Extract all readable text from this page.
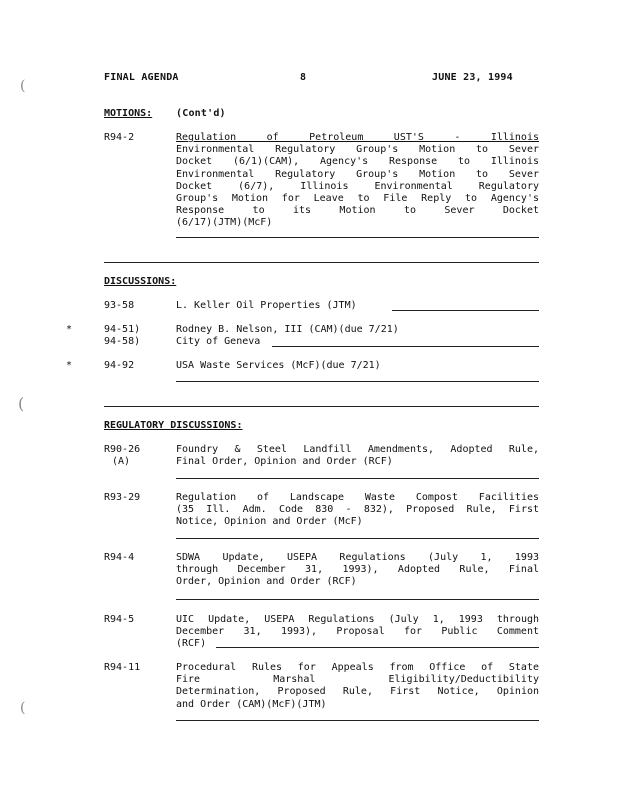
FINAL AGENDA	8	JUNE 23, 1994
(
(
(
MOTIONS: (Cont'd)
R94-2	Regulation of Petroleum UST'S - Illinois
Environmental Regulatory Group's Motion to Sever
Docket (6/1)(CAM), Agency's Response to Illinois
Environmental Regulatory Group's Motion to Sever
Docket (6/7), Illinois Environmental Regulatory
Group's Motion for Leave to File Reply to Agency's
Response to its Motion to Sever Docket
(6/17)(JTM)(McF)
DISCUSSIONS:
93-58	L. Keller Oil Properties (JTM)
*	94-51)	Rodney B. Nelson, III (CAM)(due 7/21)
94-58)	City of Geneva
*	94-92	USA Waste Services (McF)(due 7/21)
REGULATORY DISCUSSIONS:
R90-26
(A)
Foundry & Steel Landfill Amendments, Adopted Rule,
Final Order, Opinion and Order (RCF)
R93-29	Regulation of Landscape Waste Compost Facilities
(35 Ill. Adm. Code 830 - 832), Proposed Rule, First
Notice, Opinion and Order (McF)
R94-4	SDWA Update, USEPA Regulations (July 1, 1993
through December 31, 1993), Adopted Rule, Final
Order, Opinion and Order (RCF)
R94-5	UIC Update, USEPA Regulations (July 1, 1993 through
December 31, 1993), Proposal for Public Comment
(RCF)
R94-11	Procedural Rules for Appeals from Office of State
Fire Marshal Eligibility/Deductibility
Determination, Proposed Rule, First Notice, Opinion
and Order (CAM)(McF)(JTM)
